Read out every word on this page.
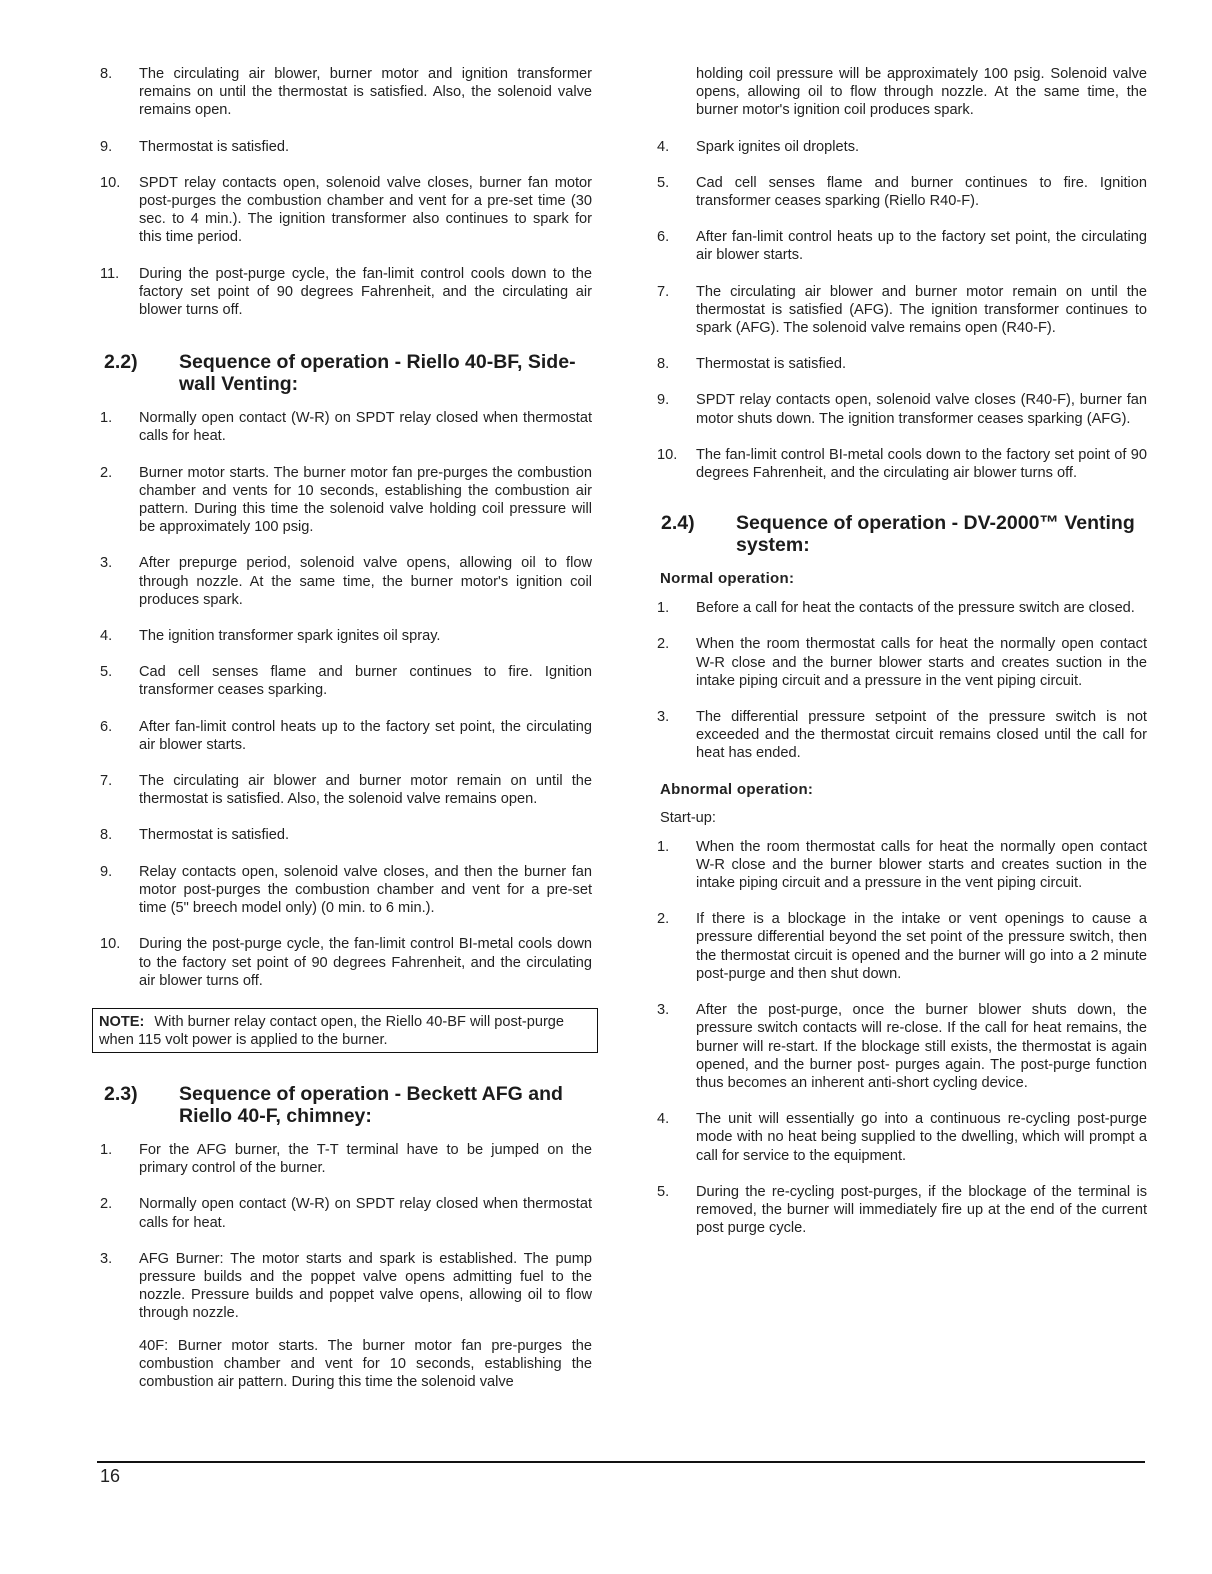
8.	The circulating air blower, burner motor and ignition transformer remains on until the thermostat is satisfied. Also, the solenoid valve remains open.
9.	Thermostat is satisfied.
10.	SPDT relay contacts open, solenoid valve closes, burner fan motor post-purges the combustion chamber and vent for a pre-set time (30 sec. to 4 min.). The ignition transformer also continues to spark for this time period.
11.	During the post-purge cycle, the fan-limit control cools down to the factory set point of 90 degrees Fahrenheit, and the circulating air blower turns off.
2.2)	Sequence of operation - Riello 40-BF, Side-wall Venting:
1.	Normally open contact (W-R) on SPDT relay closed when thermostat calls for heat.
2.	Burner motor starts. The burner motor fan pre-purges the combustion chamber and vents for 10 seconds, establishing the combustion air pattern. During this time the solenoid valve holding coil pressure will be approximately 100 psig.
3.	After prepurge period, solenoid valve opens, allowing oil to flow through nozzle. At the same time, the burner motor's ignition coil produces spark.
4.	The ignition transformer spark ignites oil spray.
5.	Cad cell senses flame and burner continues to fire. Ignition transformer ceases sparking.
6.	After fan-limit control heats up to the factory set point, the circulating air blower starts.
7.	The circulating air blower and burner motor remain on until the thermostat is satisfied. Also, the solenoid valve remains open.
8.	Thermostat is satisfied.
9.	Relay contacts open, solenoid valve closes, and then the burner fan motor post-purges the combustion chamber and vent for a pre-set time (5" breech model only) (0 min. to 6 min.).
10.	During the post-purge cycle, the fan-limit control BI-metal cools down to the factory set point of 90 degrees Fahrenheit, and the circulating air blower turns off.
NOTE: With burner relay contact open, the Riello 40-BF will post-purge when 115 volt power is applied to the burner.
2.3)	Sequence of operation - Beckett AFG and Riello 40-F, chimney:
1.	For the AFG burner, the T-T terminal have to be jumped on the primary control of the burner.
2.	Normally open contact (W-R) on SPDT relay closed when thermostat calls for heat.
3.	AFG Burner: The motor starts and spark is established. The pump pressure builds and the poppet valve opens admitting fuel to the nozzle. Pressure builds and poppet valve opens, allowing oil to flow through nozzle.

40F: Burner motor starts. The burner motor fan pre-purges the combustion chamber and vent for 10 seconds, establishing the combustion air pattern. During this time the solenoid valve

holding coil pressure will be approximately 100 psig. Solenoid valve opens, allowing oil to flow through nozzle. At the same time, the burner motor's ignition coil produces spark.
4.	Spark ignites oil droplets.
5.	Cad cell senses flame and burner continues to fire. Ignition transformer ceases sparking (Riello R40-F).
6.	After fan-limit control heats up to the factory set point, the circulating air blower starts.
7.	The circulating air blower and burner motor remain on until the thermostat is satisfied (AFG). The ignition transformer continues to spark (AFG). The solenoid valve remains open (R40-F).
8.	Thermostat is satisfied.
9.	SPDT relay contacts open, solenoid valve closes (R40-F), burner fan motor shuts down. The ignition transformer ceases sparking (AFG).
10.	The fan-limit control BI-metal cools down to the factory set point of 90 degrees Fahrenheit, and the circulating air blower turns off.
2.4)	Sequence of operation - DV-2000™ Venting system:
Normal operation:
1.	Before a call for heat the contacts of the pressure switch are closed.
2.	When the room thermostat calls for heat the normally open contact W-R close and the burner blower starts and creates suction in the intake piping circuit and a pressure in the vent piping circuit.
3.	The differential pressure setpoint of the pressure switch is not exceeded and the thermostat circuit remains closed until the call for heat has ended.
Abnormal operation:
Start-up:
1.	When the room thermostat calls for heat the normally open contact W-R close and the burner blower starts and creates suction in the intake piping circuit and a pressure in the vent piping circuit.
2.	If there is a blockage in the intake or vent openings to cause a pressure differential beyond the set point of the pressure switch, then the thermostat circuit is opened and the burner will go into a 2 minute post-purge and then shut down.
3.	After the post-purge, once the burner blower shuts down, the pressure switch contacts will re-close. If the call for heat remains, the burner will re-start. If the blockage still exists, the thermostat is again opened, and the burner post- purges again. The post-purge function thus becomes an inherent anti-short cycling device.
4.	The unit will essentially go into a continuous re-cycling post-purge mode with no heat being supplied to the dwelling, which will prompt a call for service to the equipment.
5.	During the re-cycling post-purges, if the blockage of the terminal is removed, the burner will immediately fire up at the end of the current post purge cycle.
16
